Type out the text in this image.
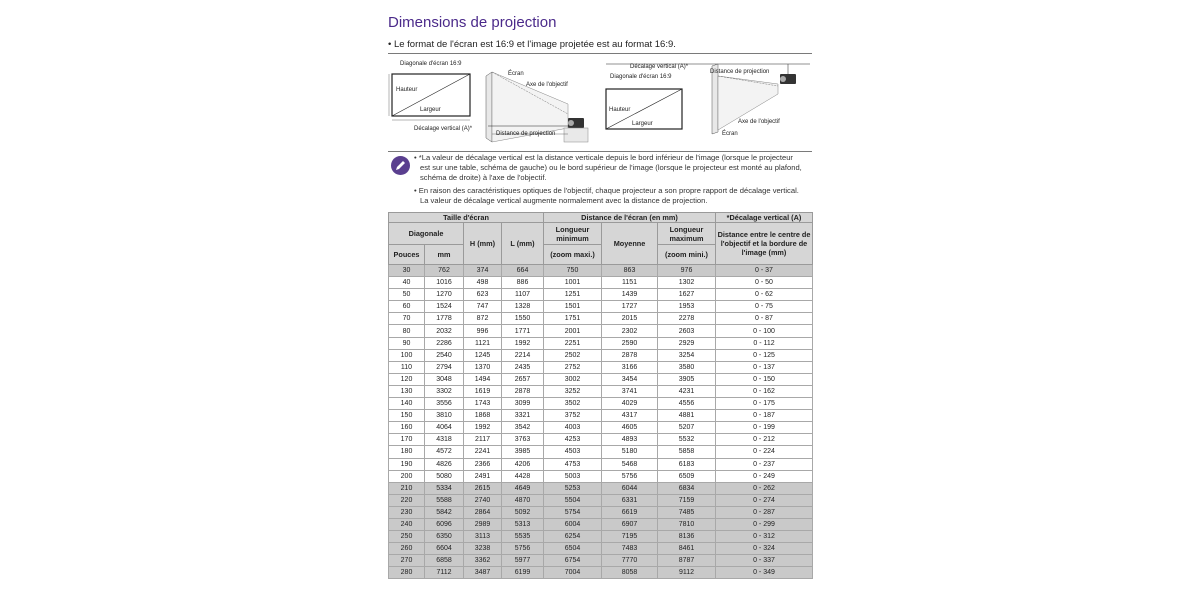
Dimensions de projection
• Le format de l'écran est 16:9 et l'image projetée est au format 16:9.
Diagonale d'écran 16:9
Écran
Axe de l'objectif
Hauteur
Largeur
Décalage vertical (A)*
Distance de projection
Décalage vertical (A)*
Diagonale d'écran 16:9
Distance de projection
Hauteur
Largeur	Axe de l'objectif
Écran
• *La valeur de décalage vertical est la distance verticale depuis le bord inférieur de l'image (lorsque le projecteur
est sur une table, schéma de gauche) ou le bord supérieur de l'image (lorsque le projecteur est monté au plafond,
schéma de droite) à l'axe de l'objectif.
• En raison des caractéristiques optiques de l'objectif, chaque projecteur a son propre rapport de décalage vertical.
La valeur de décalage vertical augmente normalement avec la distance de projection.
Taille d'écran				Distance de l'écran (en mm)			*Décalage vertical (A)
Diagonale		H (mm)	L (mm)	Longueur minimum	Moyenne	Longueur maximum	Distance entre le centre de l'objectif et la bordure de l'image (mm)
Pouces	mm			(zoom maxi.)		(zoom mini.)	
30	762	374	664	750	863	976	0 - 37
40	1016	498	886	1001	1151	1302	0 - 50
50	1270	623	1107	1251	1439	1627	0 - 62
60	1524	747	1328	1501	1727	1953	0 - 75
70	1778	872	1550	1751	2015	2278	0 - 87
80	2032	996	1771	2001	2302	2603	0 - 100
90	2286	1121	1992	2251	2590	2929	0 - 112
100	2540	1245	2214	2502	2878	3254	0 - 125
110	2794	1370	2435	2752	3166	3580	0 - 137
120	3048	1494	2657	3002	3454	3905	0 - 150
130	3302	1619	2878	3252	3741	4231	0 - 162
140	3556	1743	3099	3502	4029	4556	0 - 175
150	3810	1868	3321	3752	4317	4881	0 - 187
160	4064	1992	3542	4003	4605	5207	0 - 199
170	4318	2117	3763	4253	4893	5532	0 - 212
180	4572	2241	3985	4503	5180	5858	0 - 224
190	4826	2366	4206	4753	5468	6183	0 - 237
200	5080	2491	4428	5003	5756	6509	0 - 249
210	5334	2615	4649	5253	6044	6834	0 - 262
220	5588	2740	4870	5504	6331	7159	0 - 274
230	5842	2864	5092	5754	6619	7485	0 - 287
240	6096	2989	5313	6004	6907	7810	0 - 299
250	6350	3113	5535	6254	7195	8136	0 - 312
260	6604	3238	5756	6504	7483	8461	0 - 324
270	6858	3362	5977	6754	7770	8787	0 - 337
280	7112	3487	6199	7004	8058	9112	0 - 349
